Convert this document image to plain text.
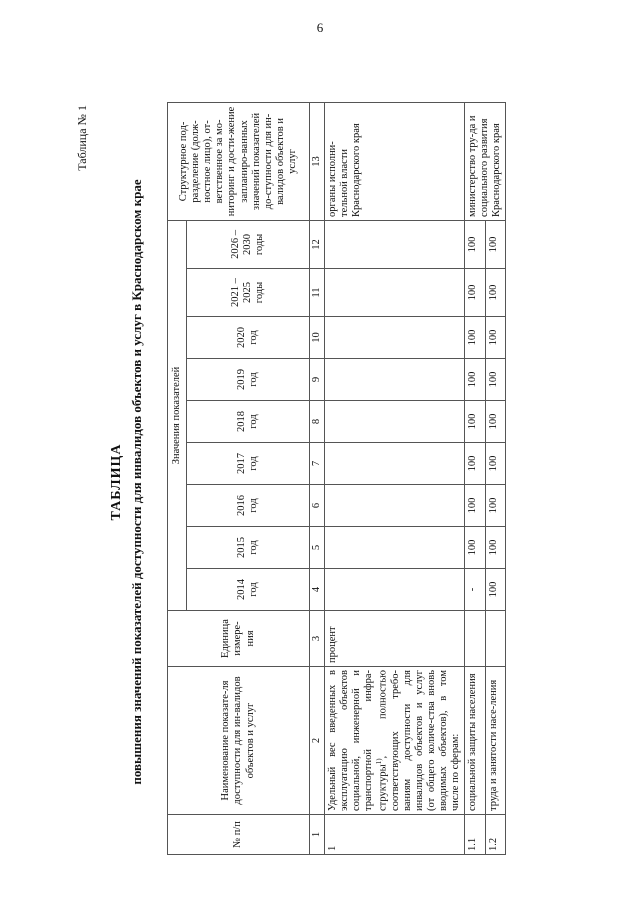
6
Таблица № 1
ТАБЛИЦА повышения значений показателей доступности для инвалидов объектов и услуг в Краснодарском крае
№ п/п	Наименование показате-ля доступности для ин-валидов объектов и услуг	Единица измере-ния	Значения показателей									Структурное под-разделение (долж-ностное лицо), от-ветственное за мо-ниторинг и дости-жение запланиро-ванных значений показателей до-ступности для ин-валидов объектов и услуг
			2014 год	2015 год	2016 год	2017 год	2018 год	2019 год	2020 год	2021 –2025 годы	2026 –2030 годы	
1	2	3	4	5	6	7	8	9	10	11	12	13
1	Удельный вес введенных в эксплуатацию объектов социальной, инженерной и транспортной инфра-структуры$^{1)}$, полностью соответствующих требо-ваниям доступности для инвалидов объектов и услуг (от общего количе-ства вновь вводимых объектов), в том числе по сферам:	процент										органы исполни-тельной власти Краснодарского края
1.1	социальной защиты населения		-	100	100	100	100	100	100	100	100	министерство тру-да и социального развития Краснодарского края
1.2	труда и занятости насе-ления		100	100	100	100	100	100	100	100	100	
